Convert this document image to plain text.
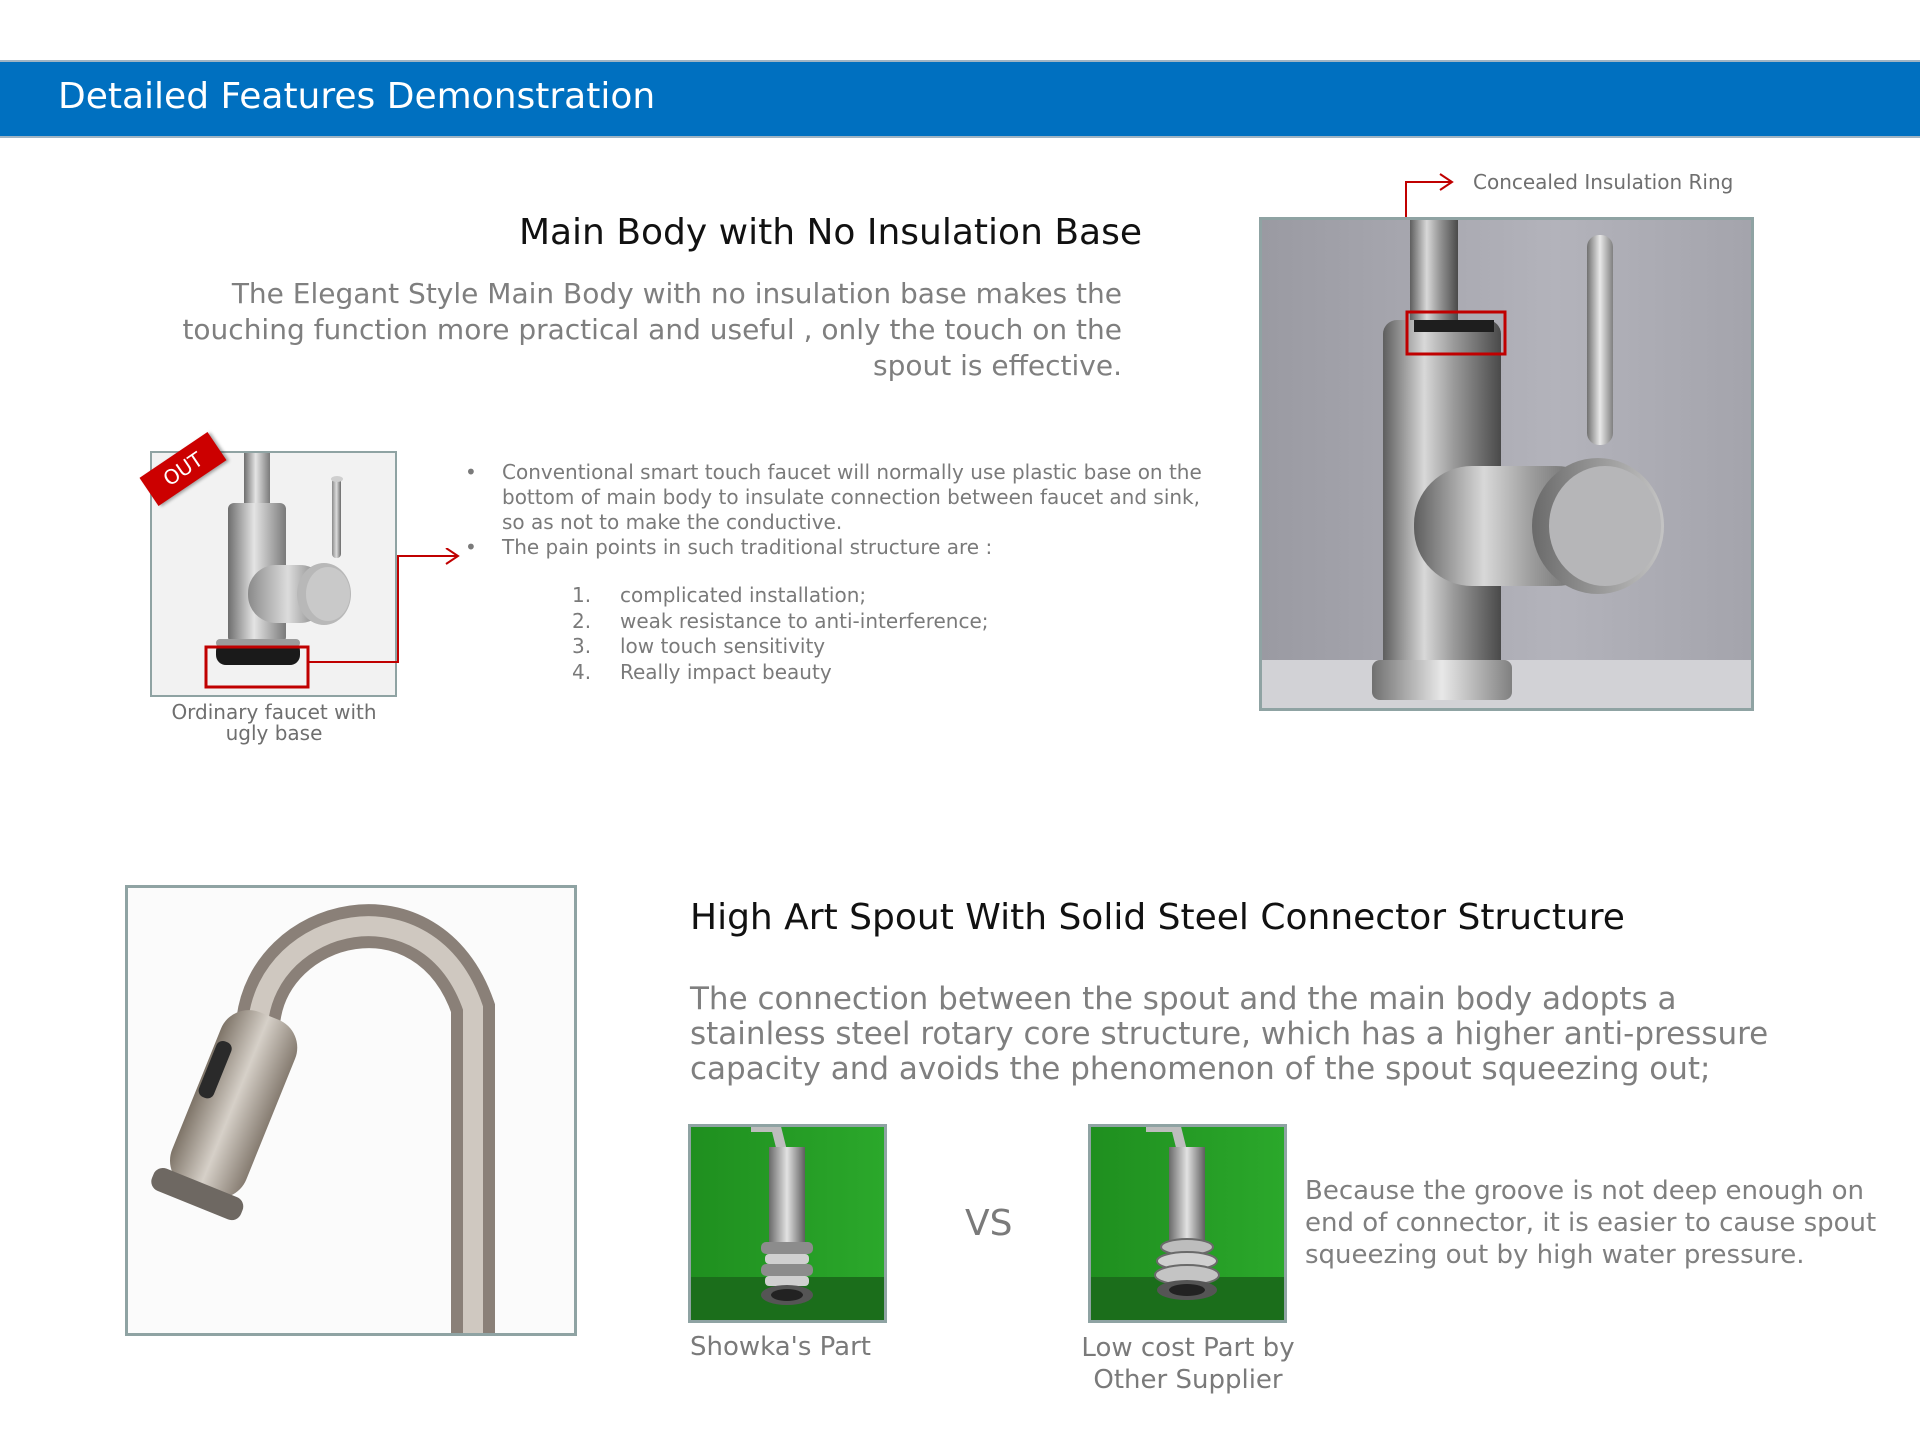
Detailed Features Demonstration
Main Body with No Insulation Base
The Elegant Style Main Body with no insulation base makes the touching function more practical and useful , only the touch on the spout is effective.
OUT
Ordinary faucet with ugly base

• Conventional smart touch faucet will normally use plastic base on the bottom of main body to insulate connection between faucet and sink, so as not to make the conductive.

• The pain points in such traditional structure are :

1.	complicated installation;
2.	weak resistance to anti-interference;
3.	low touch sensitivity
4.	Really impact beauty
Concealed Insulation Ring
High Art Spout With Solid Steel Connector Structure
The connection between the spout and the main body adopts a stainless steel rotary core structure, which has a higher anti-pressure capacity and avoids the phenomenon of the spout squeezing out;
VS
Showka's Part	Low cost Part by Other Supplier
Because the groove is not deep enough on end of connector, it is easier to cause spout squeezing out by high water pressure.
